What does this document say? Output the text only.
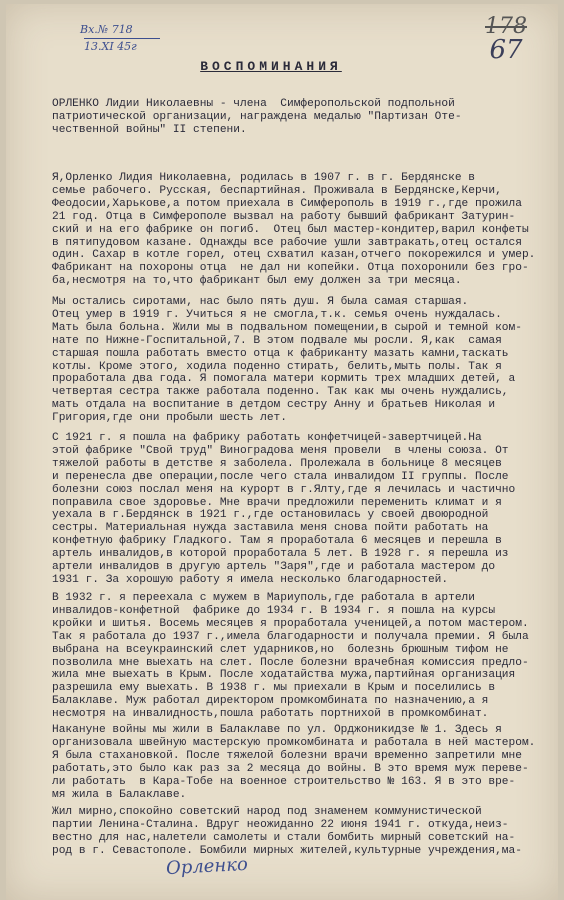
Вх.№ 718
13.XI 45г
178
67
ВОСПОМИНАНИЯ

ОРЛЕНКО Лидии Николаевны - члена  Симферопольской подпольной
патриотической организации, награждена медалью "Партизан Оте-
чественной войны" II степени.

Я,Орленко Лидия Николаевна, родилась в 1907 г. в г. Бердянске в
семье рабочего. Русская, беспартийная. Проживала в Бердянске,Керчи,
Феодосии,Харькове,а потом приехала в Симферополь в 1919 г.,где прожила
21 год. Отца в Симферополе вызвал на работу бывший фабрикант Затурин-
ский и на его фабрике он погиб.  Отец был мастер-кондитер,варил конфеты
в пятипудовом казане. Однажды все рабочие ушли завтракать,отец остался
один. Сахар в котле горел, отец схватил казан,отчего покорежился и умер.
Фабрикант на похороны отца  не дал ни копейки. Отца похоронили без гро-
ба,несмотря на то,что фабрикант был ему должен за три месяца.

Мы остались сиротами, нас было пять душ. Я была самая старшая.
Отец умер в 1919 г. Учиться я не смогла,т.к. семья очень нуждалась.
Мать была больна. Жили мы в подвальном помещении,в сырой и темной ком-
нате по Нижне-Госпитальной,7. В этом подвале мы росли. Я,как  самая
старшая пошла работать вместо отца к фабриканту мазать камни,таскать
котлы. Кроме этого, ходила поденно стирать, белить,мыть полы. Так я
проработала два года. Я помогала матери кормить трех младших детей, а
четвертая сестра также работала поденно. Так как мы очень нуждались,
мать отдала на воспитание в детдом сестру Анну и братьев Николая и
Григория,где они пробыли шесть лет.

С 1921 г. я пошла на фабрику работать конфетчицей-завертчицей.На
этой фабрике "Свой труд" Виноградова меня провели  в члены союза. От
тяжелой работы в детстве я заболела. Пролежала в больнице 8 месяцев
и перенесла две операции,после чего стала инвалидом II группы. После
болезни союз послал меня на курорт в г.Ялту,где я лечилась и частично
поправила свое здоровье. Мне врачи предложили переменить климат и я
уехала в г.Бердянск в 1921 г.,где остановилась у своей двоюродной
сестры. Материальная нужда заставила меня снова пойти работать на
конфетную фабрику Гладкого. Там я проработала 6 месяцев и перешла в
артель инвалидов,в которой проработала 5 лет. В 1928 г. я перешла из
артели инвалидов в другую артель "Заря",где и работала мастером до
1931 г. За хорошую работу я имела несколько благодарностей.

В 1932 г. я переехала с мужем в Мариуполь,где работала в артели
инвалидов-конфетной  фабрике до 1934 г. В 1934 г. я пошла на курсы
кройки и шитья. Восемь месяцев я проработала ученицей,а потом мастером.
Так я работала до 1937 г.,имела благодарности и получала премии. Я была
выбрана на всеукраинский слет ударников,но  болезнь брюшным тифом не
позволила мне выехать на слет. После болезни врачебная комиссия предло-
жила мне выехать в Крым. После ходатайства мужа,партийная организация
разрешила ему выехать. В 1938 г. мы приехали в Крым и поселились в
Балаклаве. Муж работал директором промкомбината по назначению,а я
несмотря на инвалидность,пошла работать портнихой в промкомбинат.

Накануне войны мы жили в Балаклаве по ул. Орджоникидзе № 1. Здесь я
организовала швейную мастерскую промкомбината и работала в ней мастером.
Я была стахановкой. После тяжелой болезни врачи временно запретили мне
работать,это было как раз за 2 месяца до войны. В это время муж переве-
ли работать  в Кара-Тобе на военное строительство № 163. Я в это вре-
мя жила в Балаклаве.

Жил мирно,спокойно советский народ под знаменем коммунистической
партии Ленина-Сталина. Вдруг неожиданно 22 июня 1941 г. откуда,неиз-
вестно для нас,налетели самолеты и стали бомбить мирный советский на-
род в г. Севастополе. Бомбили мирных жителей,культурные учреждения,ма-

Орленко
